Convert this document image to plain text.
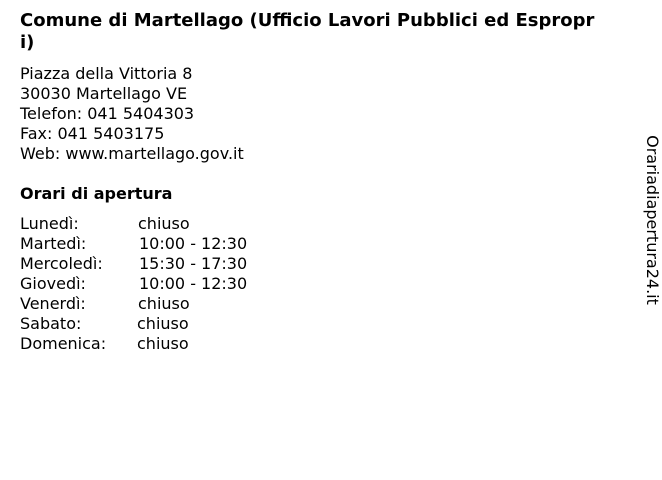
Comune di Martellago (Ufficio Lavori Pubblici ed Espropri)
Piazza della Vittoria 8
30030 Martellago VE
Telefon: 041 5404303
Fax: 041 5403175
Web: www.martellago.gov.it
Orari di apertura
Lunedì:	chiuso
Martedì:	10:00 - 12:30
Mercoledì: 15:30 - 17:30
Giovedì:	10:00 - 12:30
Venerdì:	chiuso
Sabato:	chiuso
Domenica: chiuso
Orariadiapertura24.it
